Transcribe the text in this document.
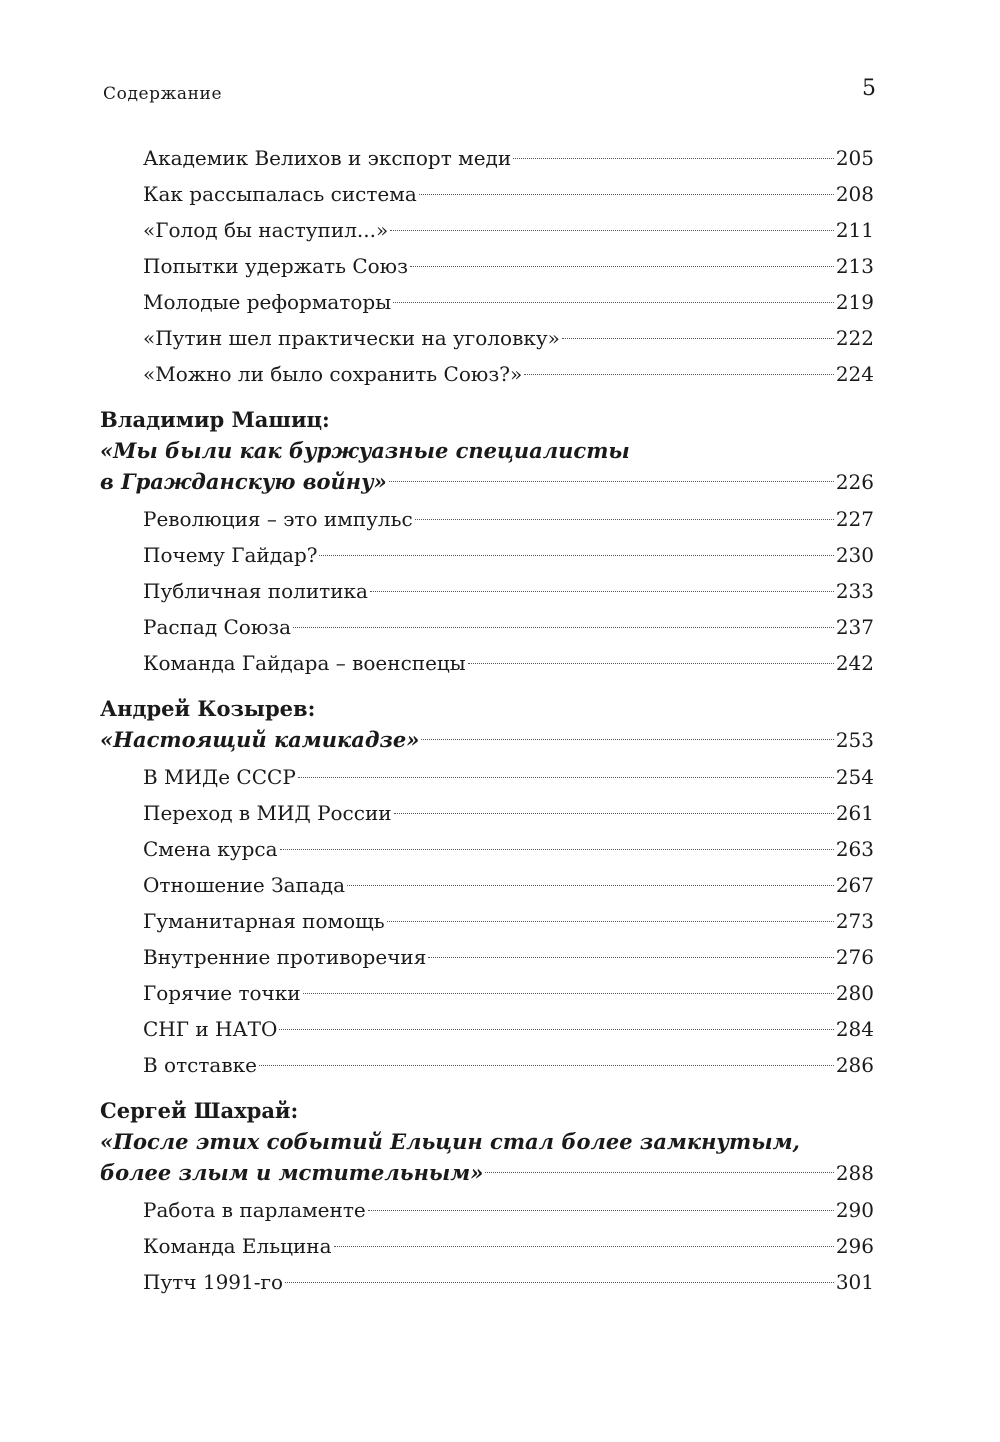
Содержание	5
Академик Велихов и экспорт меди	205
Как рассыпалась система	208
«Голод бы наступил...»	211
Попытки удержать Союз	213
Молодые реформаторы	219
«Путин шел практически на уголовку»	222
«Можно ли было сохранить Союз?»	224
Владимир Машиц:
«Мы были как буржуазные специалисты
в Гражданскую войну»	226
Революция – это импульс	227
Почему Гайдар?	230
Публичная политика	233
Распад Союза	237
Команда Гайдара – военспецы	242
Андрей Козырев:
«Настоящий камикадзе»	253
В МИДе СССР	254
Переход в МИД России	261
Смена курса	263
Отношение Запада	267
Гуманитарная помощь	273
Внутренние противоречия	276
Горячие точки	280
СНГ и НАТО	284
В отставке	286
Сергей Шахрай:
«После этих событий Ельцин стал более замкнутым,
более злым и мстительным»	288
Работа в парламенте	290
Команда Ельцина	296
Путч 1991-го	301
